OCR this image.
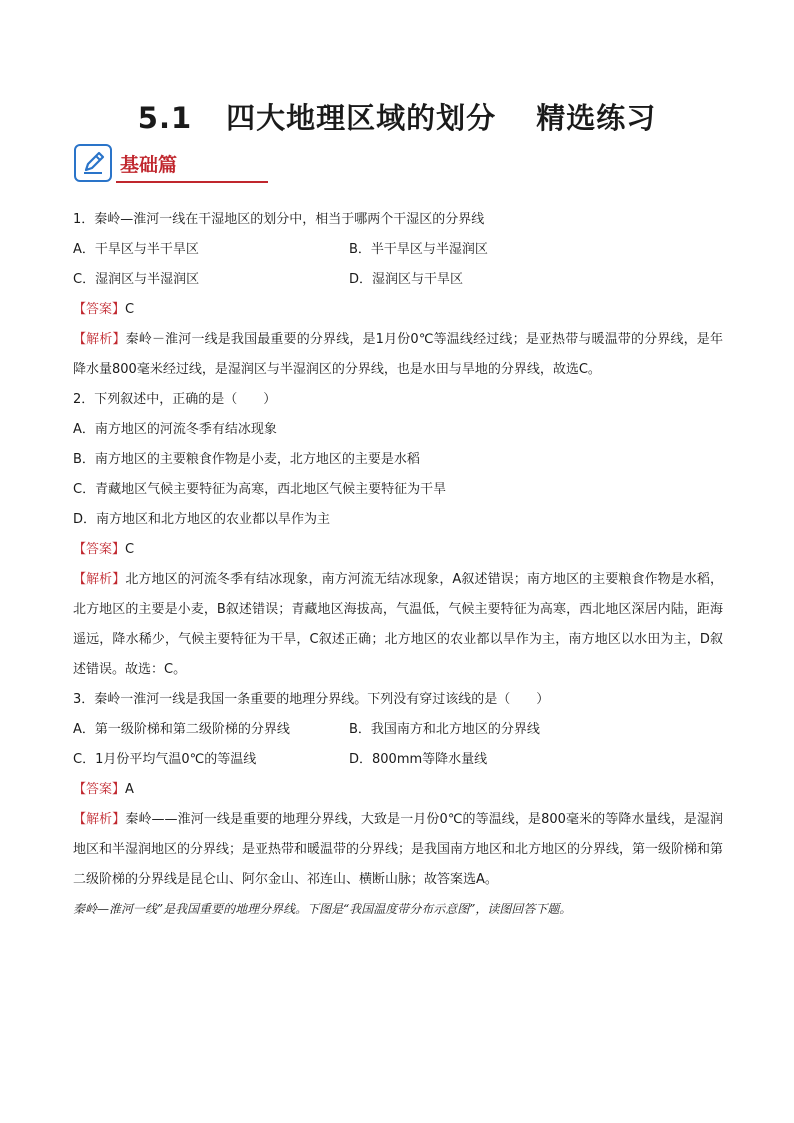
5.1 四大地理区域的划分 精选练习
基础篇
1．秦岭—淮河一线在干湿地区的划分中，相当于哪两个干湿区的分界线
A．干旱区与半干旱区	B．半干旱区与半湿润区
C．湿润区与半湿润区	D．湿润区与干旱区
【答案】C
【解析】秦岭－淮河一线是我国最重要的分界线，是1月份0℃等温线经过线；是亚热带与暖温带的分界线，是年降水量800毫米经过线，是湿润区与半湿润区的分界线，也是水田与旱地的分界线，故选C。
2．下列叙述中，正确的是（　　）
A．南方地区的河流冬季有结冰现象
B．南方地区的主要粮食作物是小麦，北方地区的主要是水稻
C．青藏地区气候主要特征为高寒，西北地区气候主要特征为干旱
D．南方地区和北方地区的农业都以旱作为主
【答案】C
【解析】北方地区的河流冬季有结冰现象，南方河流无结冰现象，A叙述错误；南方地区的主要粮食作物是水稻，北方地区的主要是小麦，B叙述错误；青藏地区海拔高，气温低，气候主要特征为高寒，西北地区深居内陆，距海遥远，降水稀少，气候主要特征为干旱，C叙述正确；北方地区的农业都以旱作为主，南方地区以水田为主，D叙述错误。故选：C。
3．秦岭一淮河一线是我国一条重要的地理分界线。下列没有穿过该线的是（　　）
A．第一级阶梯和第二级阶梯的分界线	B．我国南方和北方地区的分界线
C．1月份平均气温0℃的等温线	D．800mm等降水量线
【答案】A
【解析】秦岭——淮河一线是重要的地理分界线，大致是一月份0℃的等温线，是800毫米的等降水量线，是湿润地区和半湿润地区的分界线；是亚热带和暖温带的分界线；是我国南方地区和北方地区的分界线，第一级阶梯和第二级阶梯的分界线是昆仑山、阿尔金山、祁连山、横断山脉；故答案选A。
秦岭—淮河一线”是我国重要的地理分界线。下图是“我国温度带分布示意图”，读图回答下题。
